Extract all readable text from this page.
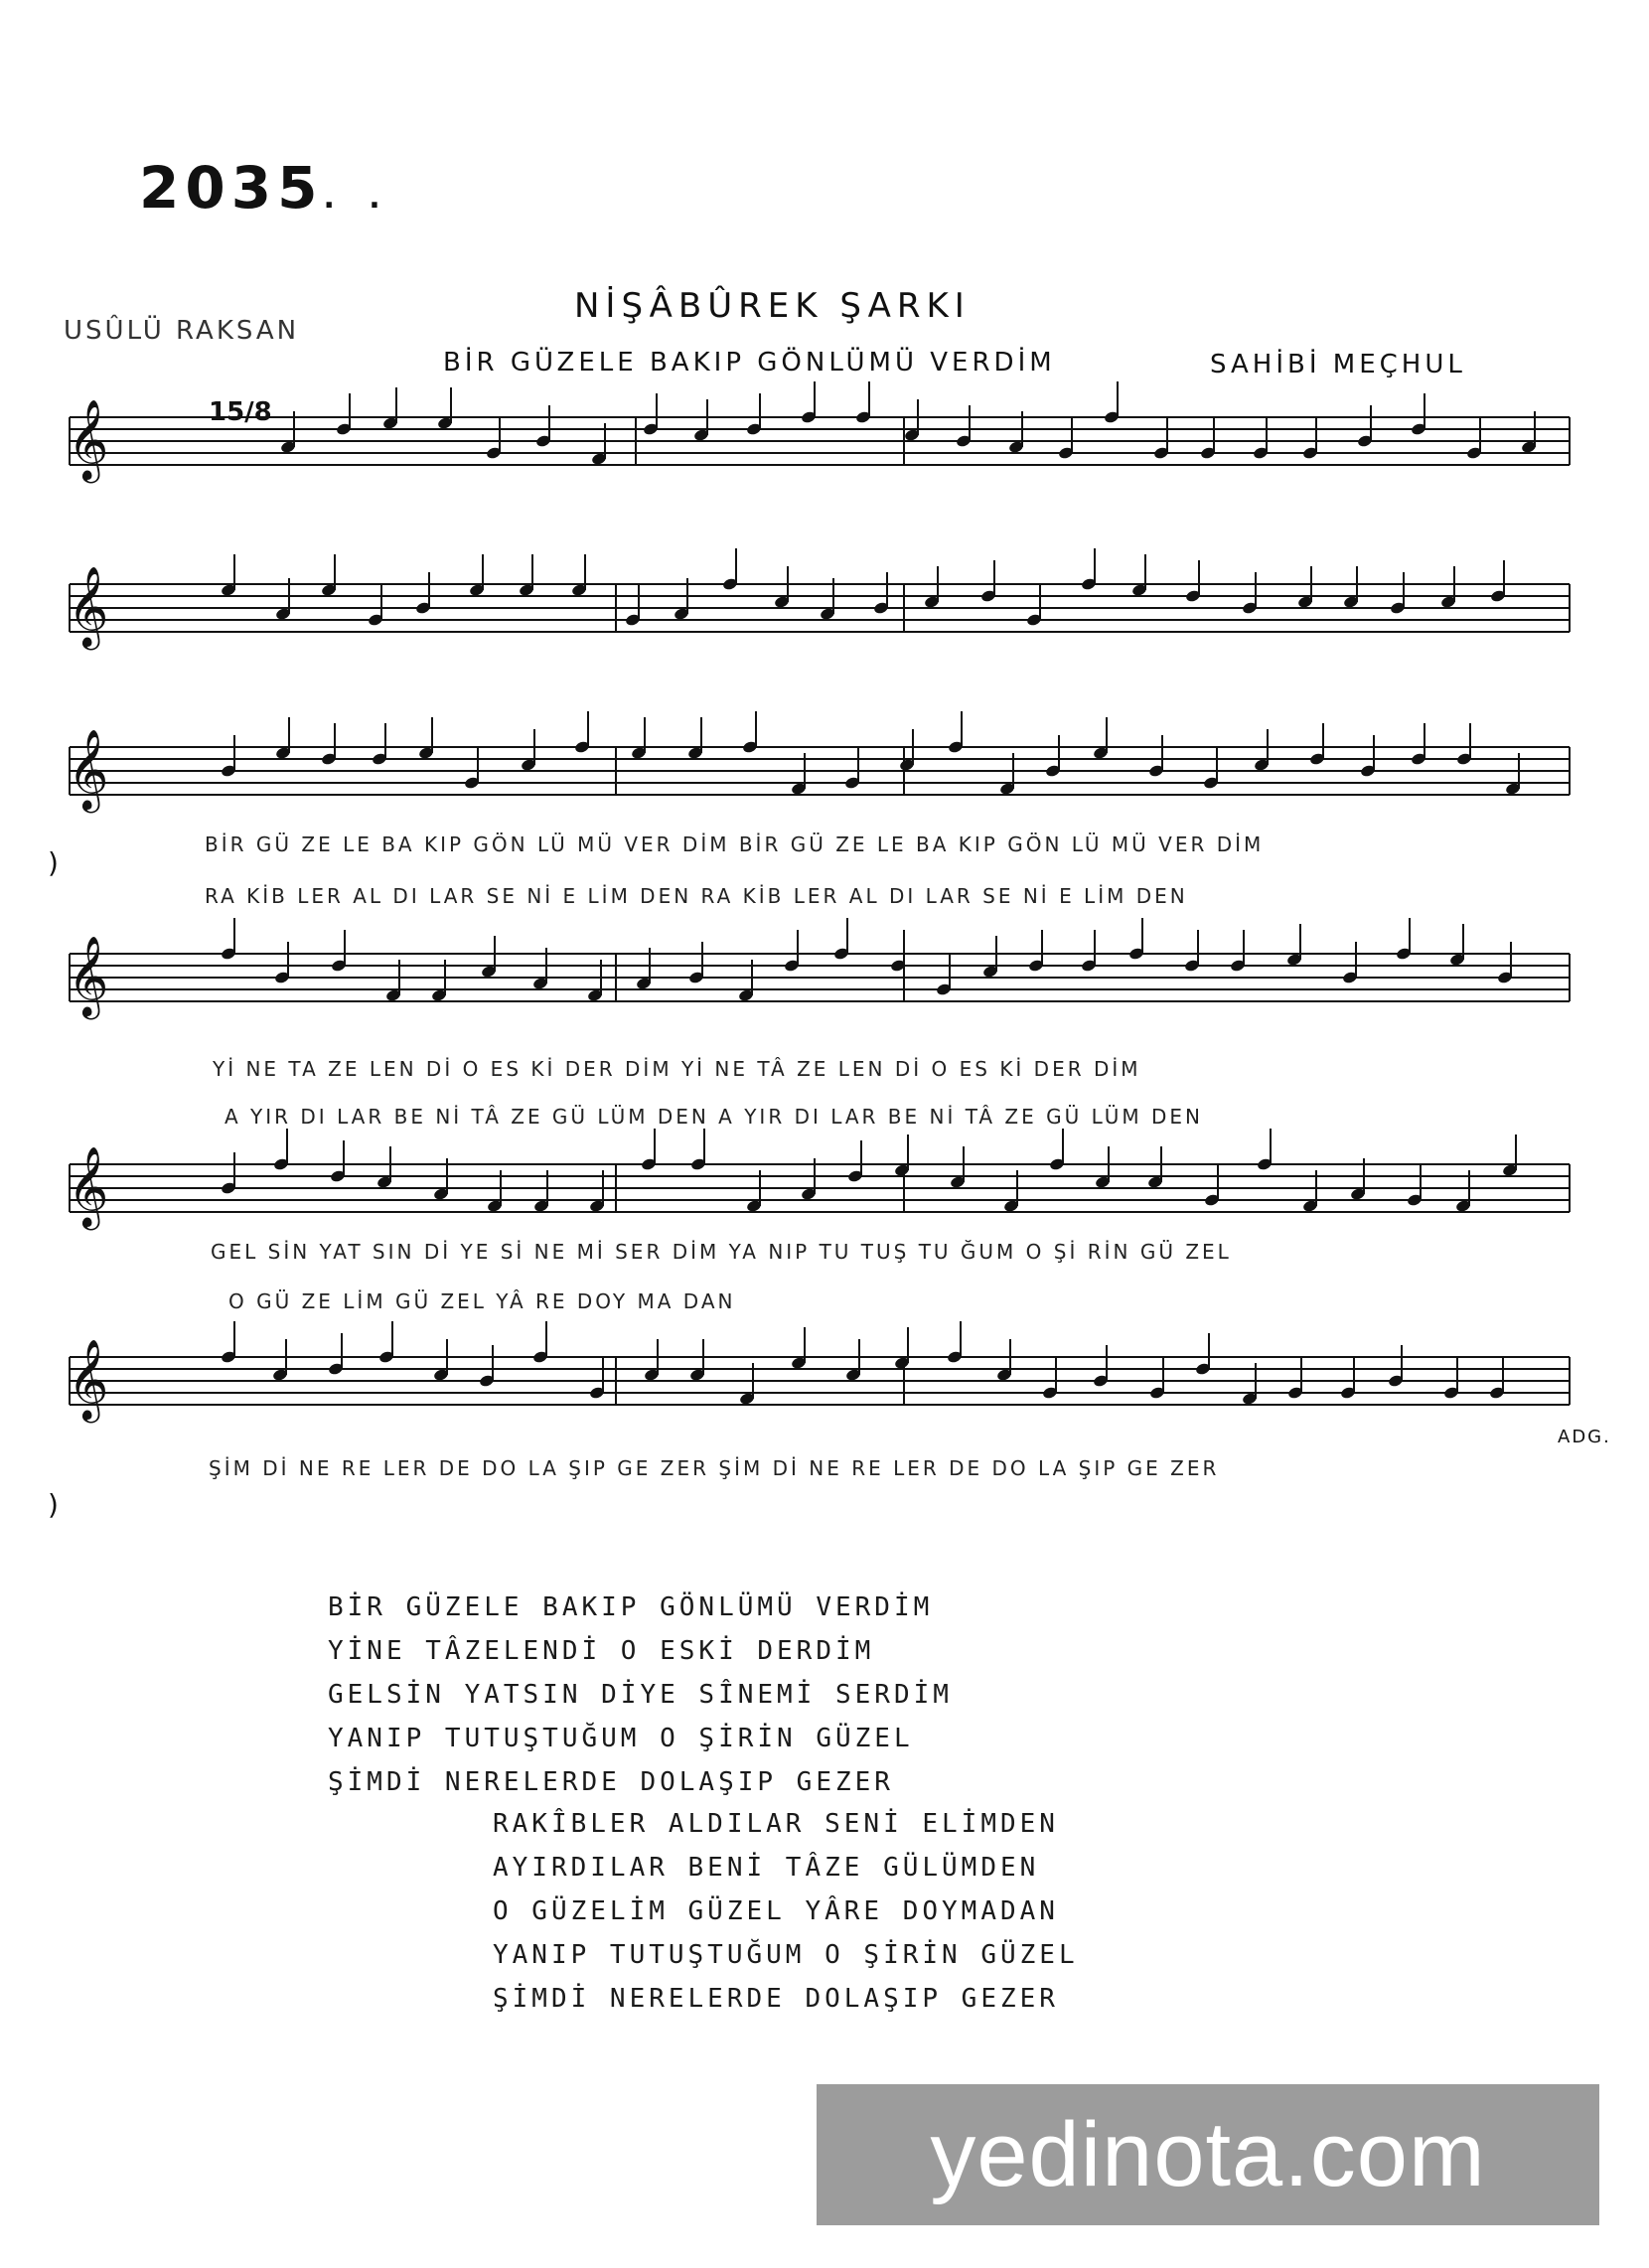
2035. .
NİŞÂBÛREK ŞARKI
USÛLÜ RAKSAN
BİR GÜZELE BAKIP GÖNLÜMÜ VERDİM	SAHİBİ MEÇHUL
𝄞	15/8
𝄞
𝄞
BİR GÜ ZE LE BA KIP GÖN LÜ MÜ VER DİM BİR GÜ ZE LE BA KIP GÖN LÜ MÜ VER DİM
RA KİB LER AL DI LAR SE Nİ E LİM DEN RA KİB LER AL DI LAR SE Nİ E LİM DEN
𝄞
Yİ NE TA ZE LEN Dİ O ES Kİ DER DİM Yİ NE TÂ ZE LEN Dİ O ES Kİ DER DİM
A YIR DI LAR BE Nİ TÂ ZE GÜ LÜM DEN A YIR DI LAR BE Nİ TÂ ZE GÜ LÜM DEN
𝄞
GEL SİN YAT SIN Dİ YE Sİ NE Mİ SER DİM YA NIP TU TUŞ TU ĞUM O Şİ RİN GÜ ZEL
O GÜ ZE LİM GÜ ZEL YÂ RE DOY MA DAN
𝄞
ŞİM Dİ NE RE LER DE DO LA ŞIP GE ZER ŞİM Dİ NE RE LER DE DO LA ŞIP GE ZER
ADG.
)
)
BİR GÜZELE BAKIP GÖNLÜMÜ VERDİM
YİNE TÂZELENDİ O ESKİ DERDİM
GELSİN YATSIN DİYE SÎNEMİ SERDİM
YANIP TUTUŞTUĞUM O ŞİRİN GÜZEL
ŞİMDİ NERELERDE DOLAŞIP GEZER
RAKÎBLER ALDILAR SENİ ELİMDEN
AYIRDILAR BENİ TÂZE GÜLÜMDEN
O GÜZELİM GÜZEL YÂRE DOYMADAN
YANIP TUTUŞTUĞUM O ŞİRİN GÜZEL
ŞİMDİ NERELERDE DOLAŞIP GEZER
yedinota.com
